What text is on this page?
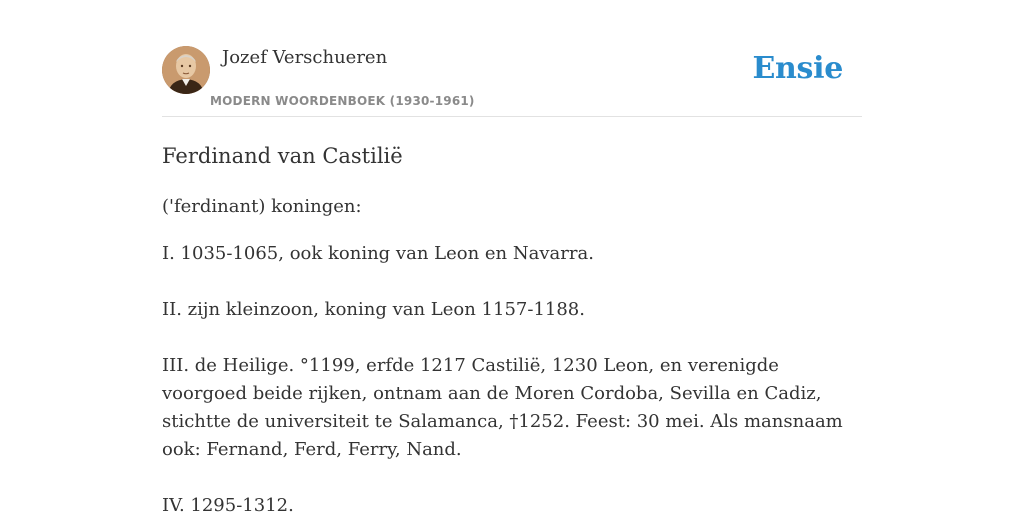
Jozef Verschueren
MODERN WOORDENBOEK (1930-1961)
Ensie
Ferdinand van Castilië
('ferdinant) koningen:

I. 1035-1065, ook koning van Leon en Navarra.

II. zijn kleinzoon, koning van Leon 1157-1188.

III. de Heilige. °1199, erfde 1217 Castilië, 1230 Leon, en verenigde voorgoed beide rijken, ontnam aan de Moren Cordoba, Sevilla en Cadiz, stichtte de universiteit te Salamanca, †1252. Feest: 30 mei. Als mansnaam ook: Fernand, Ferd, Ferry, Nand.

IV. 1295-1312.
